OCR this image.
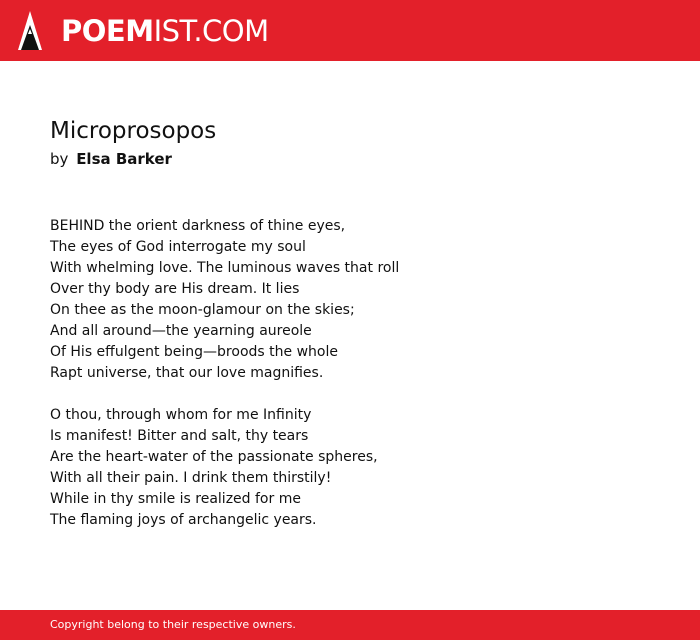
POEMIST.COM
Microprosopos
by Elsa Barker
BEHIND the orient darkness of thine eyes,
The eyes of God interrogate my soul
With whelming love. The luminous waves that roll
Over thy body are His dream. It lies
On thee as the moon-glamour on the skies;
And all around—the yearning aureole
Of His effulgent being—broods the whole
Rapt universe, that our love magnifies.
O thou, through whom for me Infinity
Is manifest! Bitter and salt, thy tears
Are the heart-water of the passionate spheres,
With all their pain. I drink them thirstily!
While in thy smile is realized for me
The flaming joys of archangelic years.
Copyright belong to their respective owners.
